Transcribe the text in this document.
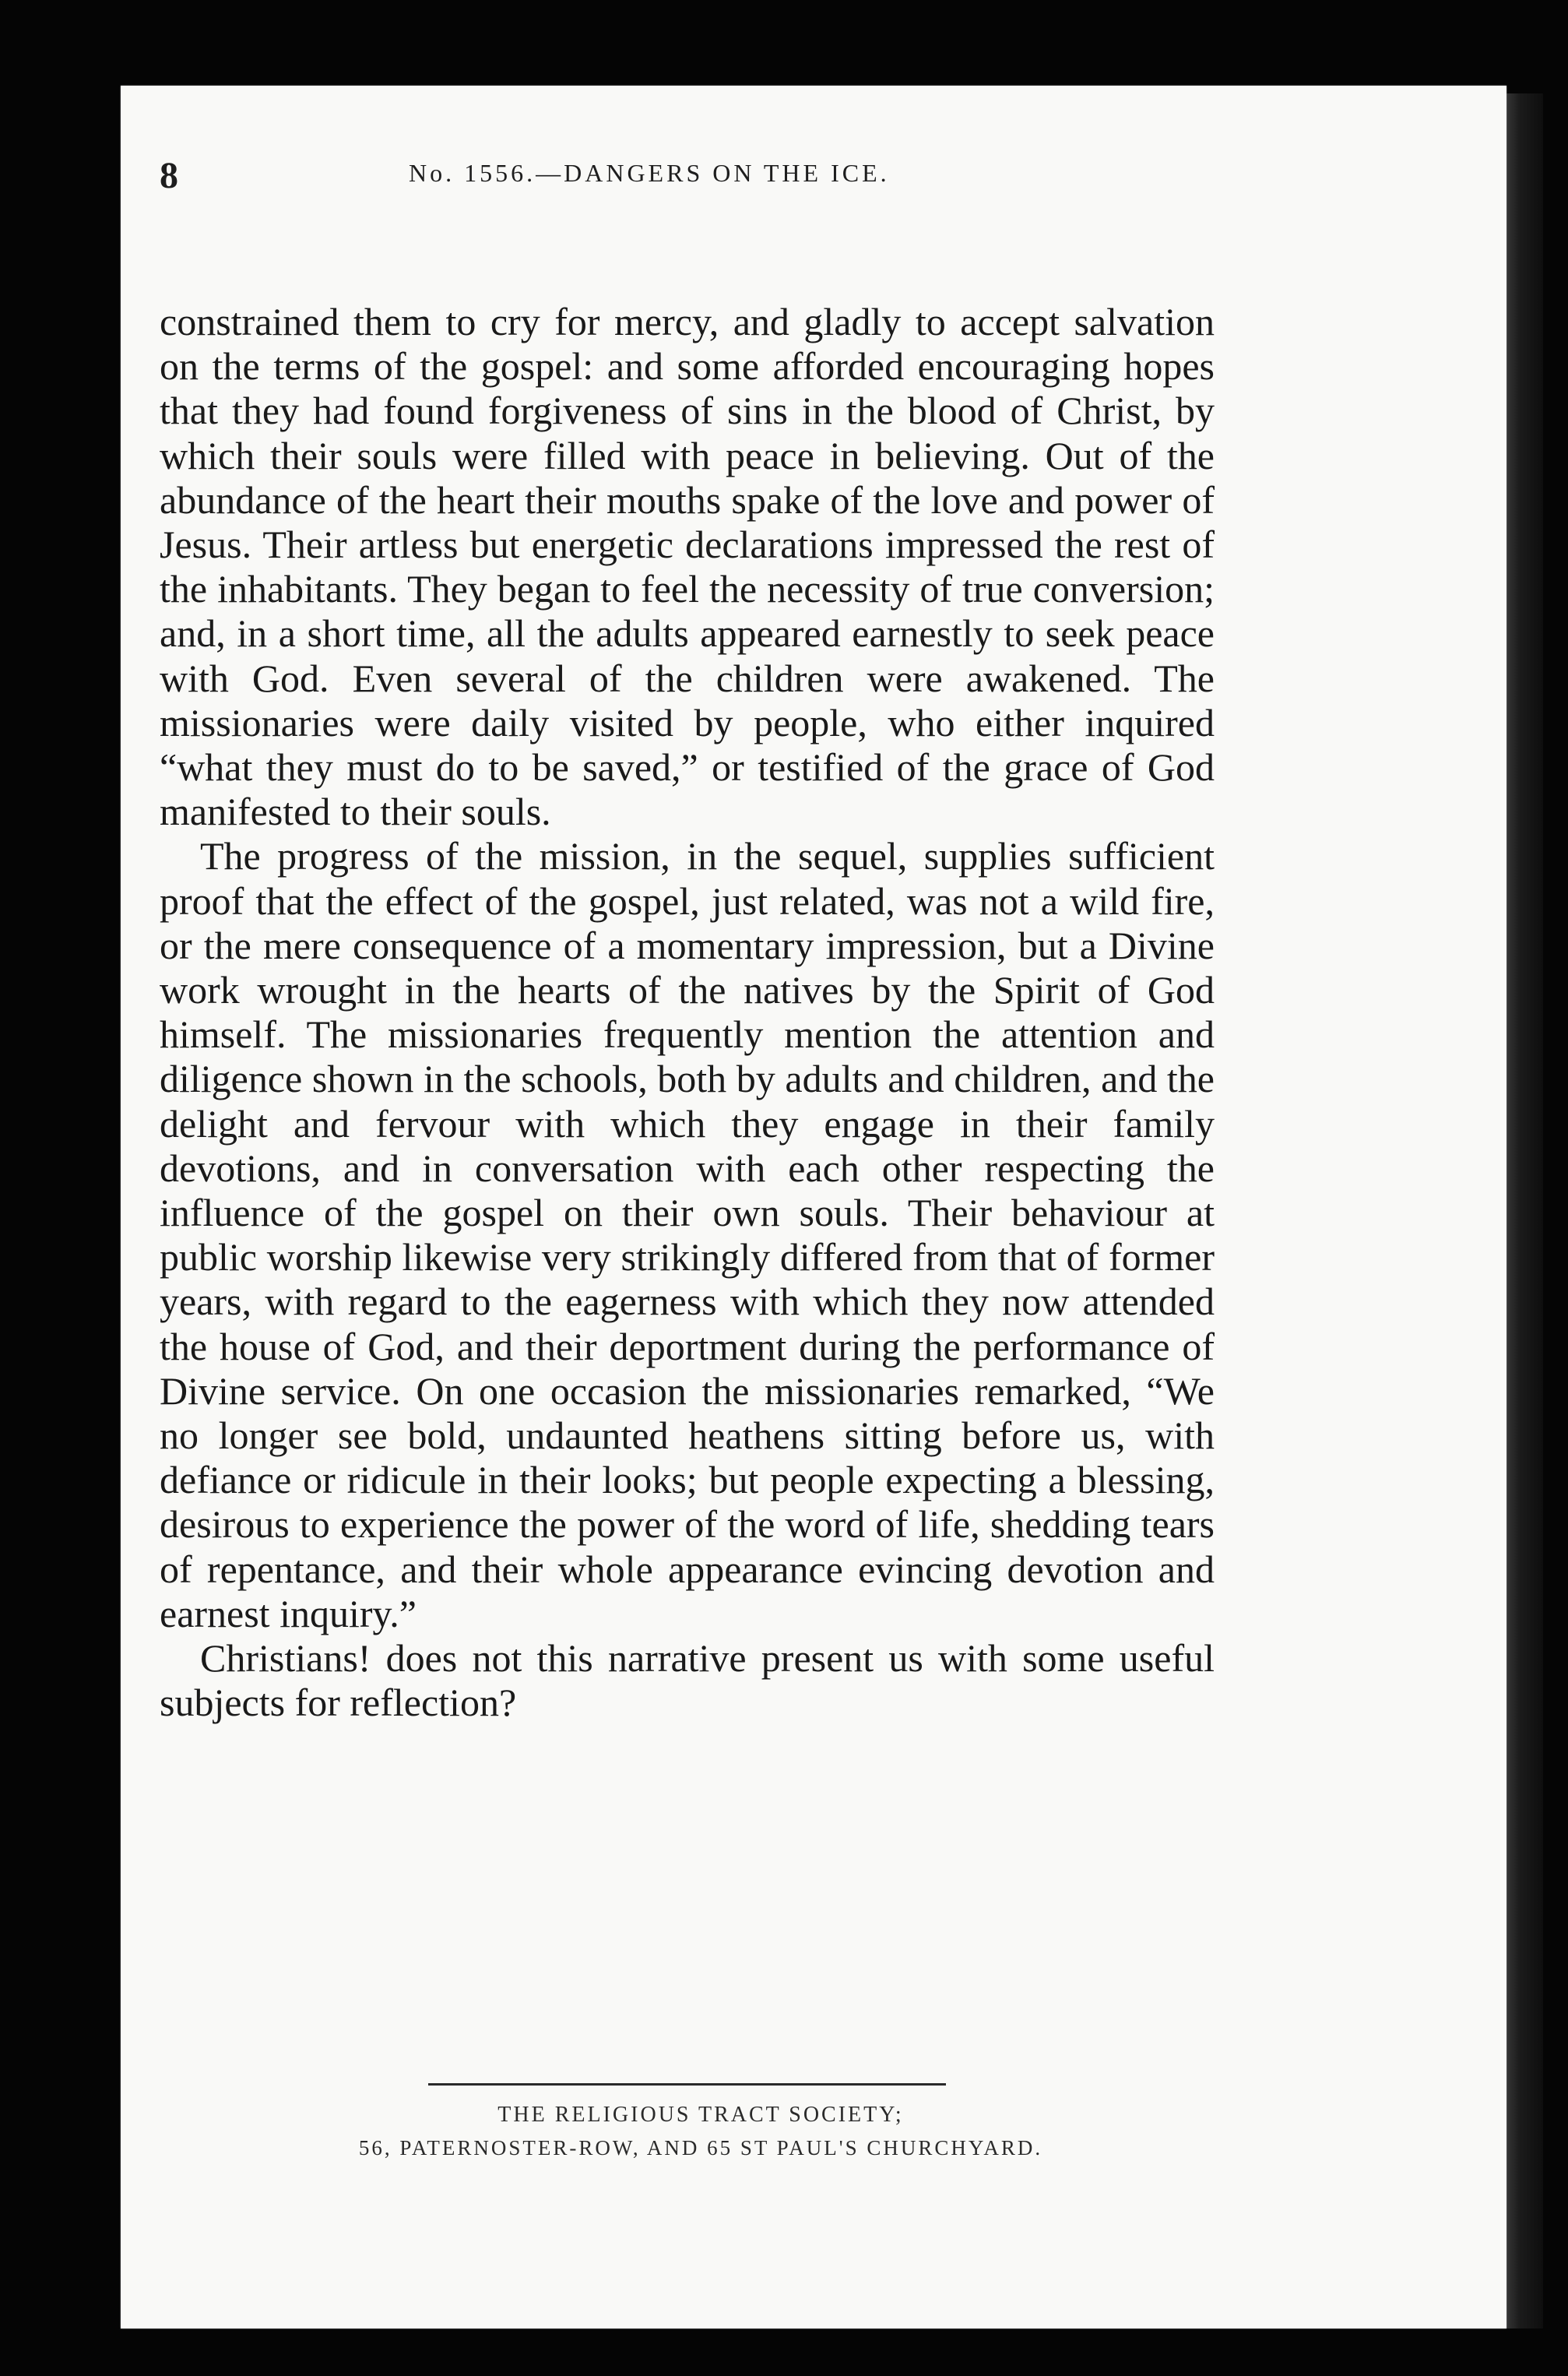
8	No. 1556.—DANGERS ON THE ICE.

constrained them to cry for mercy, and gladly to accept salvation on the terms of the gospel: and some afforded encouraging hopes that they had found forgiveness of sins in the blood of Christ, by which their souls were filled with peace in believing. Out of the abundance of the heart their mouths spake of the love and power of Jesus. Their artless but energetic declarations impressed the rest of the inhabitants. They began to feel the necessity of true conversion; and, in a short time, all the adults appeared earnestly to seek peace with God. Even several of the children were awakened. The missionaries were daily visited by people, who either inquired “what they must do to be saved,” or testified of the grace of God manifested to their souls.

The progress of the mission, in the sequel, supplies sufficient proof that the effect of the gospel, just related, was not a wild fire, or the mere consequence of a momentary impression, but a Divine work wrought in the hearts of the natives by the Spirit of God himself. The missionaries frequently mention the attention and diligence shown in the schools, both by adults and children, and the delight and fervour with which they engage in their family devotions, and in conversation with each other respecting the influence of the gospel on their own souls. Their behaviour at public worship likewise very strikingly differed from that of former years, with regard to the eagerness with which they now attended the house of God, and their deportment during the performance of Divine service. On one occasion the missionaries remarked, “We no longer see bold, undaunted heathens sitting before us, with defiance or ridicule in their looks; but people expecting a blessing, desirous to experience the power of the word of life, shedding tears of repentance, and their whole appearance evincing devotion and earnest inquiry.”

Christians! does not this narrative present us with some useful subjects for reflection?

THE RELIGIOUS TRACT SOCIETY;
56, PATERNOSTER-ROW, AND 65 ST PAUL'S CHURCHYARD.
